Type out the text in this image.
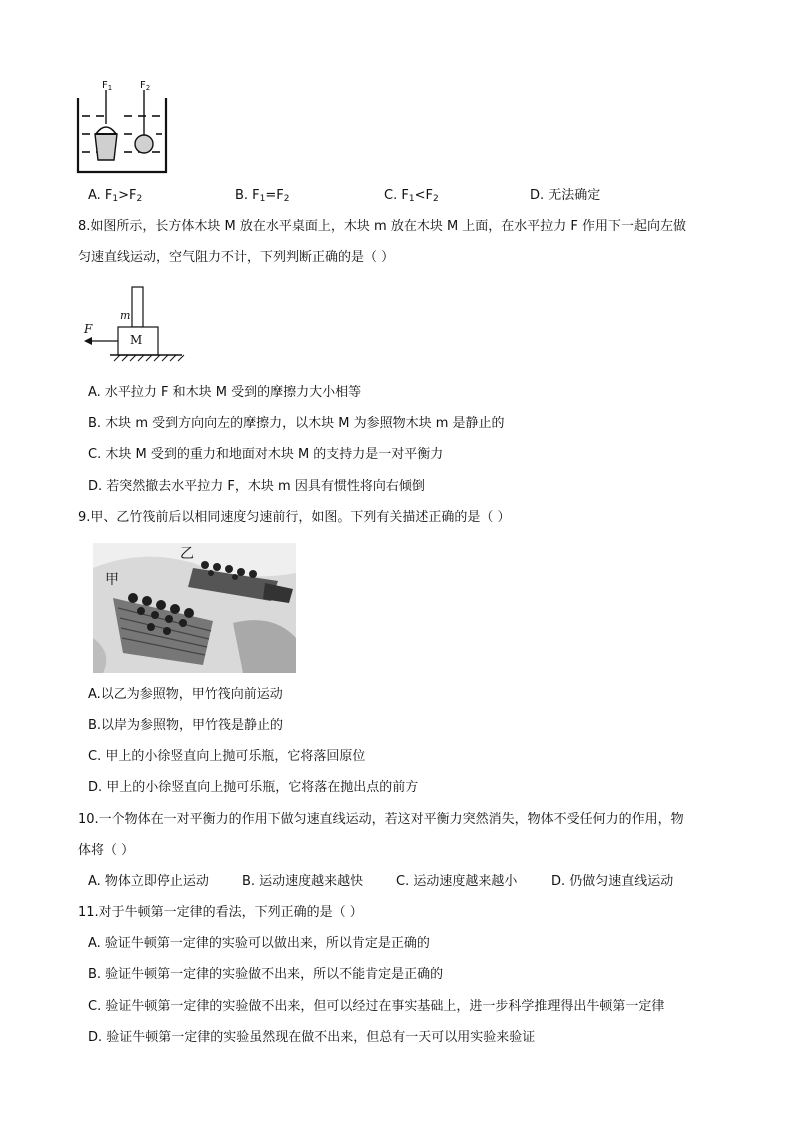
$F_1$	$F_2$
A. $F_1>F_2$	B. $F_1=F_2$	C. $F_1<F_2$	D. 无法确定
8.如图所示，长方体木块 M 放在水平桌面上，木块 m 放在木块 M 上面，在水平拉力 F 作用下一起向左做
匀速直线运动，空气阻力不计，下列判断正确的是（ ）
F
m
M
A. 水平拉力 F 和木块 M 受到的摩擦力大小相等
B. 木块 m 受到方向向左的摩擦力，以木块 M 为参照物木块 m 是静止的
C. 木块 M 受到的重力和地面对木块 M 的支持力是一对平衡力
D. 若突然撤去水平拉力 F，木块 m 因具有惯性将向右倾倒
9.甲、乙竹筏前后以相同速度匀速前行，如图。下列有关描述正确的是（ ）
甲
乙
A.以乙为参照物，甲竹筏向前运动
B.以岸为参照物，甲竹筏是静止的
C. 甲上的小徐竖直向上抛可乐瓶，它将落回原位
D. 甲上的小徐竖直向上抛可乐瓶，它将落在抛出点的前方
10.一个物体在一对平衡力的作用下做匀速直线运动，若这对平衡力突然消失，物体不受任何力的作用，物
体将（ ）
A. 物体立即停止运动	B. 运动速度越来越快	C. 运动速度越来越小	D. 仍做匀速直线运动
11.对于牛顿第一定律的看法，下列正确的是（ ）
A. 验证牛顿第一定律的实验可以做出来，所以肯定是正确的
B. 验证牛顿第一定律的实验做不出来，所以不能肯定是正确的
C. 验证牛顿第一定律的实验做不出来，但可以经过在事实基础上，进一步科学推理得出牛顿第一定律
D. 验证牛顿第一定律的实验虽然现在做不出来，但总有一天可以用实验来验证
